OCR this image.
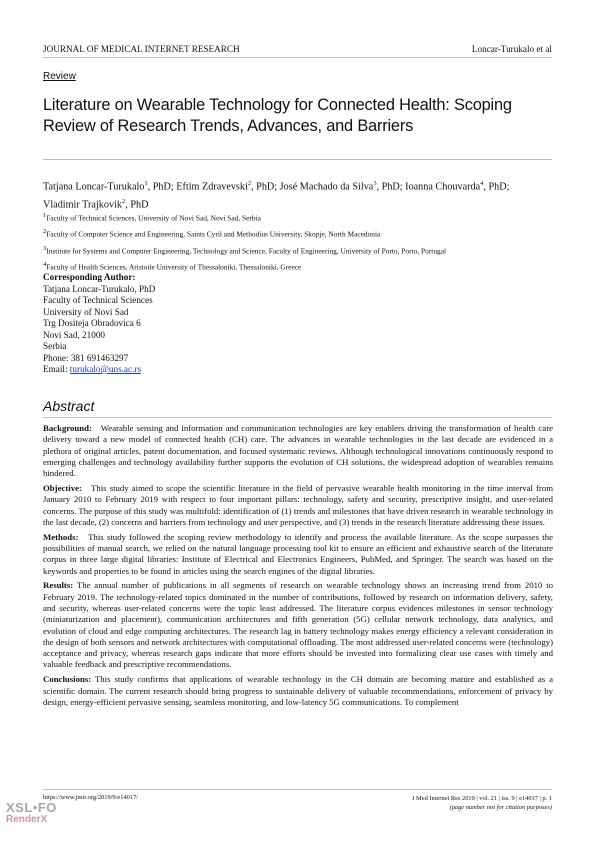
JOURNAL OF MEDICAL INTERNET RESEARCH	Loncar-Turukalo et al
Review
Literature on Wearable Technology for Connected Health: Scoping Review of Research Trends, Advances, and Barriers
Tatjana Loncar-Turukalo$^1$, PhD; Eftim Zdravevski$^2$, PhD; José Machado da Silva$^3$, PhD; Ioanna Chouvarda$^4$, PhD;
Vladimir Trajkovik$^2$, PhD
$^1$Faculty of Technical Sciences, University of Novi Sad, Novi Sad, Serbia
$^2$Faculty of Computer Science and Engineering, Saints Cyril and Methodius University, Skopje, North Macedonia
$^3$Institute for Systems and Computer Engineering, Technology and Science, Faculty of Engineering, University of Porto, Porto, Portugal
$^4$Faculty of Health Sciences, Aristotle University of Thessaloniki, Thessaloniki, Greece
Corresponding Author:
Tatjana Loncar-Turukalo, PhD
Faculty of Technical Sciences
University of Novi Sad
Trg Dositeja Obradovica 6
Novi Sad, 21000
Serbia
Phone: 381 691463297
Email: turukalo@uns.ac.rs
Abstract

Background: Wearable sensing and information and communication technologies are key enablers driving the transformation of health care delivery toward a new model of connected health (CH) care. The advances in wearable technologies in the last decade are evidenced in a plethora of original articles, patent documentation, and focused systematic reviews. Although technological innovations continuously respond to emerging challenges and technology availability further supports the evolution of CH solutions, the widespread adoption of wearables remains hindered.

Objective: This study aimed to scope the scientific literature in the field of pervasive wearable health monitoring in the time interval from January 2010 to February 2019 with respect to four important pillars: technology, safety and security, prescriptive insight, and user-related concerns. The purpose of this study was multifold: identification of (1) trends and milestones that have driven research in wearable technology in the last decade, (2) concerns and barriers from technology and user perspective, and (3) trends in the research literature addressing these issues.

Methods: This study followed the scoping review methodology to identify and process the available literature. As the scope surpasses the possibilities of manual search, we relied on the natural language processing tool kit to ensure an efficient and exhaustive search of the literature corpus in three large digital libraries: Institute of Electrical and Electronics Engineers, PubMed, and Springer. The search was based on the keywords and properties to be found in articles using the search engines of the digital libraries.

Results: The annual number of publications in all segments of research on wearable technology shows an increasing trend from 2010 to February 2019. The technology-related topics dominated in the number of contributions, followed by research on information delivery, safety, and security, whereas user-related concerns were the topic least addressed. The literature corpus evidences milestones in sensor technology (miniaturization and placement), communication architectures and fifth generation (5G) cellular network technology, data analytics, and evolution of cloud and edge computing architectures. The research lag in battery technology makes energy efficiency a relevant consideration in the design of both sensors and network architectures with computational offloading. The most addressed user-related concerns were (technology) acceptance and privacy, whereas research gaps indicate that more efforts should be invested into formalizing clear use cases with timely and valuable feedback and prescriptive recommendations.

Conclusions: This study confirms that applications of wearable technology in the CH domain are becoming mature and established as a scientific domain. The current research should bring progress to sustainable delivery of valuable recommendations, enforcement of privacy by design, energy-efficient pervasive sensing, seamless monitoring, and low-latency 5G communications. To complement

https://www.jmir.org/2019/9/e14017/	J Med Internet Res 2019 | vol. 21 | iss. 9 | e14017 | p. 1
(page number not for citation purposes)
XSL•FO
RenderX
